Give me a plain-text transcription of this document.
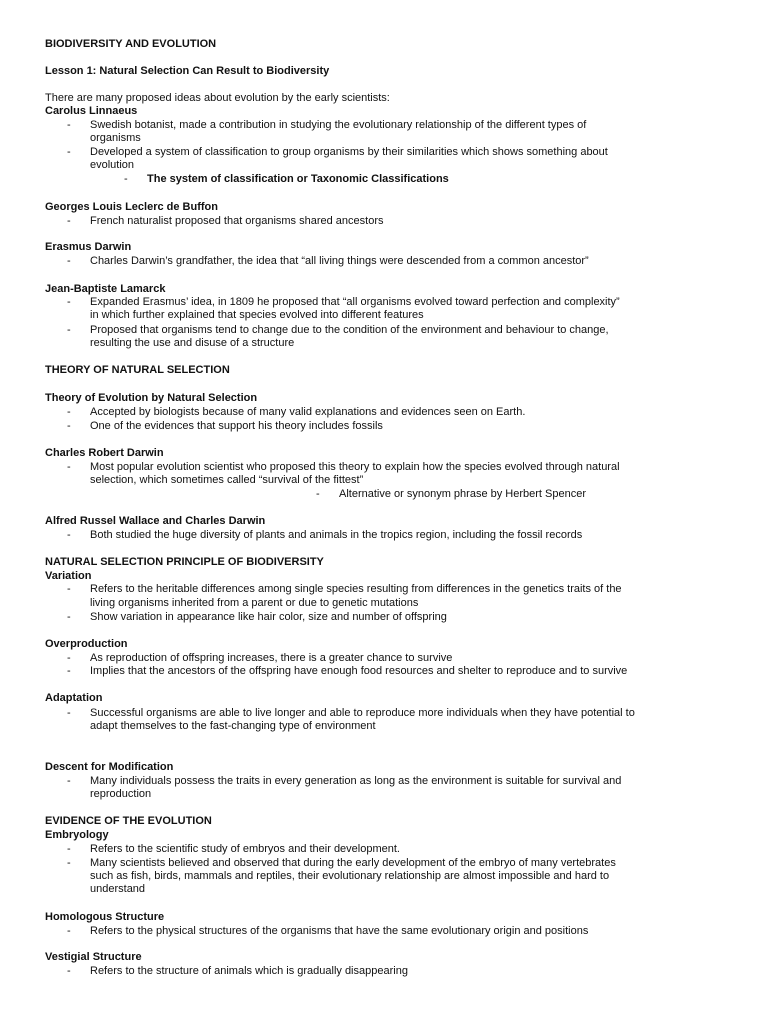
BIODIVERSITY AND EVOLUTION
Lesson 1: Natural Selection Can Result to Biodiversity
There are many proposed ideas about evolution by the early scientists:
Carolus Linnaeus
- Swedish botanist, made a contribution in studying the evolutionary relationship of the different types of
organisms
- Developed a system of classification to group organisms by their similarities which shows something about
evolution
- The system of classification or Taxonomic Classifications
Georges Louis Leclerc de Buffon
- French naturalist proposed that organisms shared ancestors
Erasmus Darwin
- Charles Darwin’s grandfather, the idea that “all living things were descended from a common ancestor”
Jean-Baptiste Lamarck
- Expanded Erasmus’ idea, in 1809 he proposed that “all organisms evolved toward perfection and complexity”
in which further explained that species evolved into different features
- Proposed that organisms tend to change due to the condition of the environment and behaviour to change,
resulting the use and disuse of a structure
THEORY OF NATURAL SELECTION
Theory of Evolution by Natural Selection
- Accepted by biologists because of many valid explanations and evidences seen on Earth.
- One of the evidences that support his theory includes fossils
Charles Robert Darwin
- Most popular evolution scientist who proposed this theory to explain how the species evolved through natural
selection, which sometimes called “survival of the fittest”
- Alternative or synonym phrase by Herbert Spencer
Alfred Russel Wallace and Charles Darwin
- Both studied the huge diversity of plants and animals in the tropics region, including the fossil records
NATURAL SELECTION PRINCIPLE OF BIODIVERSITY
Variation
- Refers to the heritable differences among single species resulting from differences in the genetics traits of the
living organisms inherited from a parent or due to genetic mutations
- Show variation in appearance like hair color, size and number of offspring
Overproduction
- As reproduction of offspring increases, there is a greater chance to survive
- Implies that the ancestors of the offspring have enough food resources and shelter to reproduce and to survive
Adaptation
- Successful organisms are able to live longer and able to reproduce more individuals when they have potential to
adapt themselves to the fast-changing type of environment
Descent for Modification
- Many individuals possess the traits in every generation as long as the environment is suitable for survival and
reproduction
EVIDENCE OF THE EVOLUTION
Embryology
- Refers to the scientific study of embryos and their development.
- Many scientists believed and observed that during the early development of the embryo of many vertebrates
such as fish, birds, mammals and reptiles, their evolutionary relationship are almost impossible and hard to
understand
Homologous Structure
- Refers to the physical structures of the organisms that have the same evolutionary origin and positions
Vestigial Structure
- Refers to the structure of animals which is gradually disappearing
